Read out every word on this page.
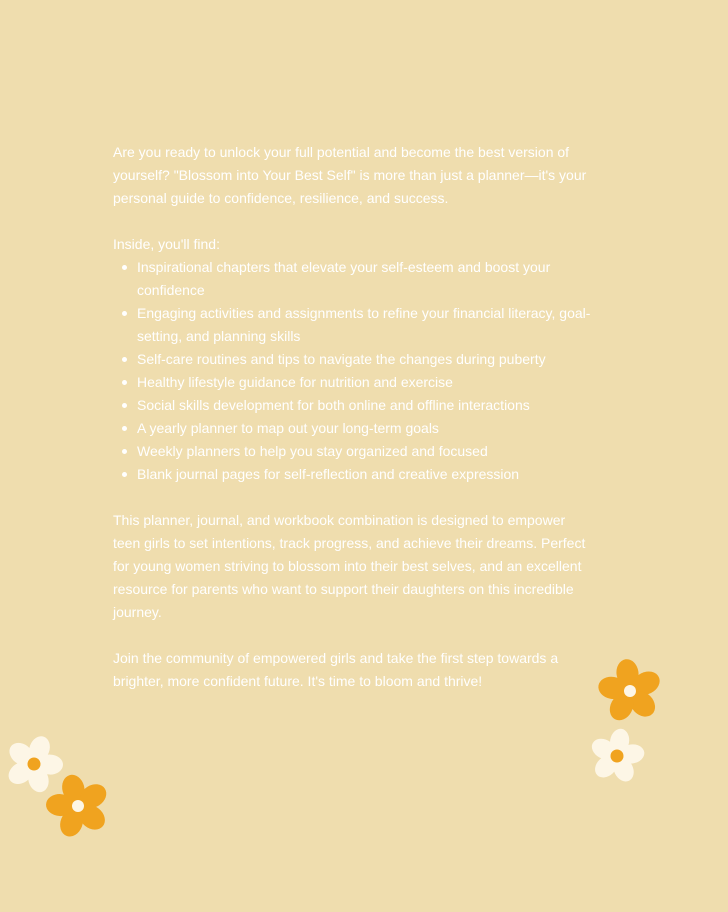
Are you ready to unlock your full potential and become the best version of yourself? "Blossom into Your Best Self" is more than just a planner—it's your personal guide to confidence, resilience, and success.

Inside, you'll find:

Inspirational chapters that elevate your self-esteem and boost your confidence
Engaging activities and assignments to refine your financial literacy, goal-setting, and planning skills
Self-care routines and tips to navigate the changes during puberty
Healthy lifestyle guidance for nutrition and exercise
Social skills development for both online and offline interactions
A yearly planner to map out your long-term goals
Weekly planners to help you stay organized and focused
Blank journal pages for self-reflection and creative expression

This planner, journal, and workbook combination is designed to empower teen girls to set intentions, track progress, and achieve their dreams. Perfect for young women striving to blossom into their best selves, and an excellent resource for parents who want to support their daughters on this incredible journey.

Join the community of empowered girls and take the first step towards a brighter, more confident future. It's time to bloom and thrive!
